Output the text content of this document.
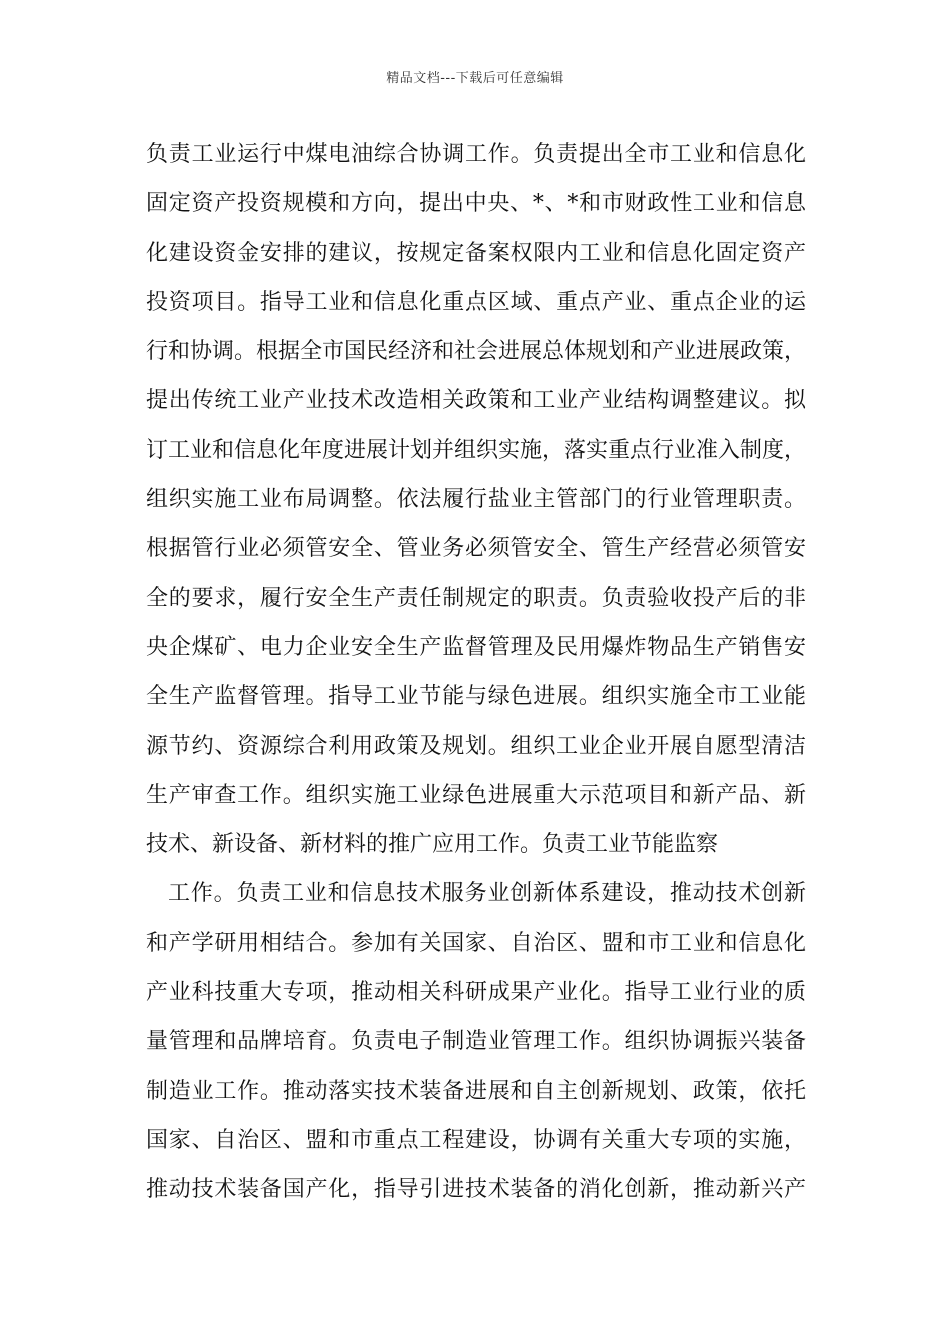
精品文档---下载后可任意编辑
负责工业运行中煤电油综合协调工作。负责提出全市工业和信息化
固定资产投资规模和方向，提出中央、*、*和市财政性工业和信息
化建设资金安排的建议，按规定备案权限内工业和信息化固定资产
投资项目。指导工业和信息化重点区域、重点产业、重点企业的运
行和协调。根据全市国民经济和社会进展总体规划和产业进展政策，
提出传统工业产业技术改造相关政策和工业产业结构调整建议。拟
订工业和信息化年度进展计划并组织实施，落实重点行业准入制度，
组织实施工业布局调整。依法履行盐业主管部门的行业管理职责。
根据管行业必须管安全、管业务必须管安全、管生产经营必须管安
全的要求，履行安全生产责任制规定的职责。负责验收投产后的非
央企煤矿、电力企业安全生产监督管理及民用爆炸物品生产销售安
全生产监督管理。指导工业节能与绿色进展。组织实施全市工业能
源节约、资源综合利用政策及规划。组织工业企业开展自愿型清洁
生产审查工作。组织实施工业绿色进展重大示范项目和新产品、新
技术、新设备、新材料的推广应用工作。负责工业节能监察
工作。负责工业和信息技术服务业创新体系建设，推动技术创新
和产学研用相结合。参加有关国家、自治区、盟和市工业和信息化
产业科技重大专项，推动相关科研成果产业化。指导工业行业的质
量管理和品牌培育。负责电子制造业管理工作。组织协调振兴装备
制造业工作。推动落实技术装备进展和自主创新规划、政策，依托
国家、自治区、盟和市重点工程建设，协调有关重大专项的实施，
推动技术装备国产化，指导引进技术装备的消化创新，推动新兴产
